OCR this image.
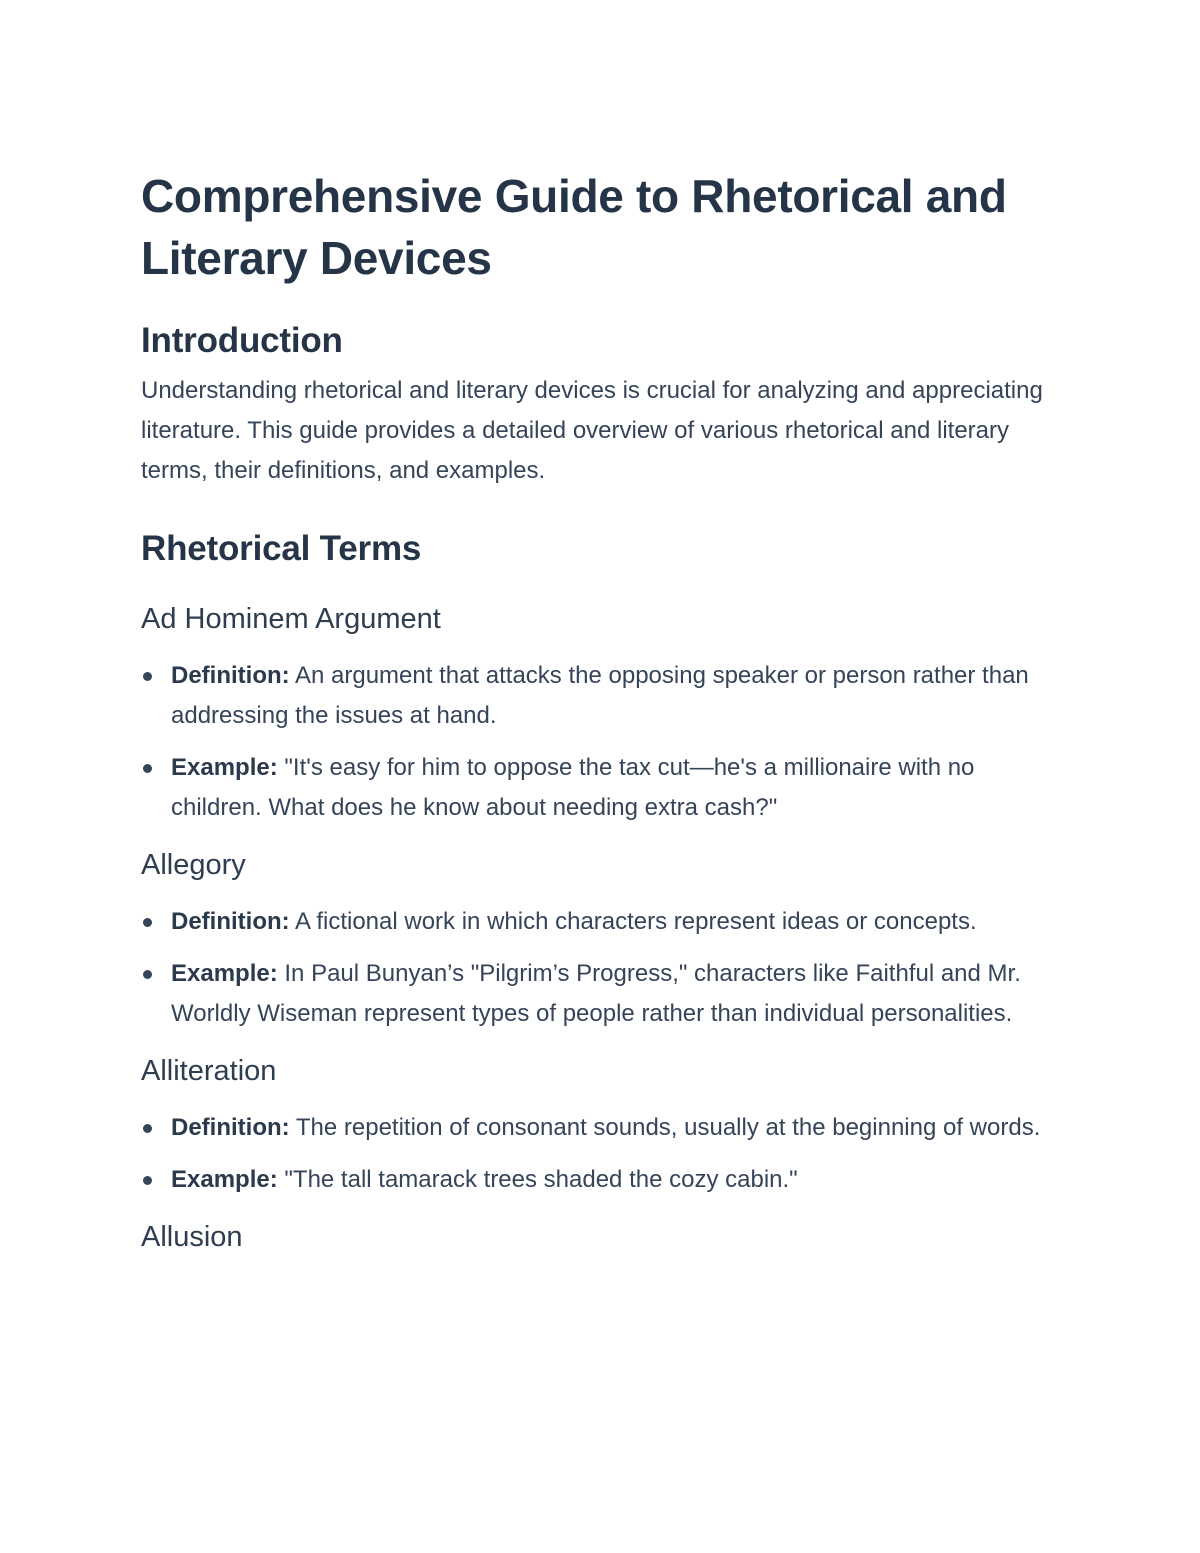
Comprehensive Guide to Rhetorical and Literary Devices
Introduction

Understanding rhetorical and literary devices is crucial for analyzing and appreciating literature. This guide provides a detailed overview of various rhetorical and literary terms, their definitions, and examples.

Rhetorical Terms
Ad Hominem Argument
Definition: An argument that attacks the opposing speaker or person rather than addressing the issues at hand.
Example: "It's easy for him to oppose the tax cut—he's a millionaire with no children. What does he know about needing extra cash?"
Allegory
Definition: A fictional work in which characters represent ideas or concepts.
Example: In Paul Bunyan’s "Pilgrim’s Progress," characters like Faithful and Mr. Worldly Wiseman represent types of people rather than individual personalities.
Alliteration
Definition: The repetition of consonant sounds, usually at the beginning of words.
Example: "The tall tamarack trees shaded the cozy cabin."
Allusion
